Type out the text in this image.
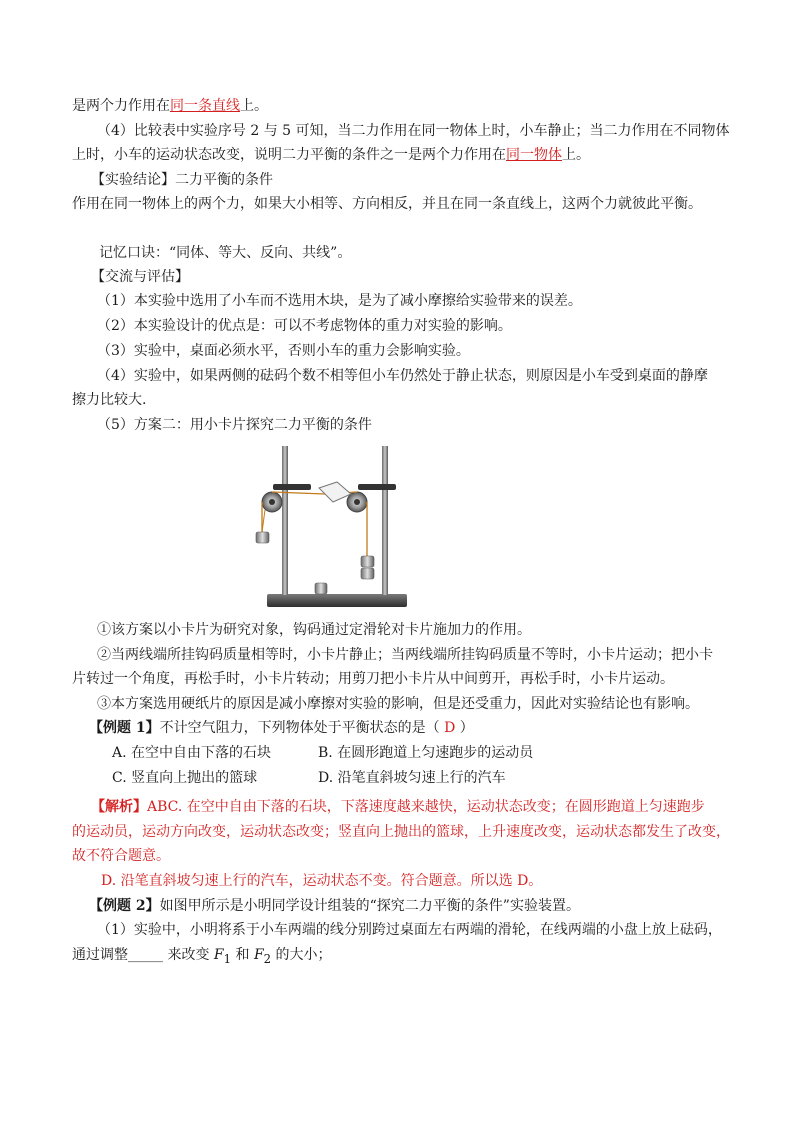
是两个力作用在同一条直线上。
（4）比较表中实验序号 2 与 5 可知，当二力作用在同一物体上时，小车静止；当二力作用在不同物体
上时，小车的运动状态改变，说明二力平衡的条件之一是两个力作用在同一物体上。
【实验结论】二力平衡的条件
作用在同一物体上的两个力，如果大小相等、方向相反，并且在同一条直线上，这两个力就彼此平衡。
记忆口诀：“同体、等大、反向、共线”。
【交流与评估】
（1）本实验中选用了小车而不选用木块，是为了减小摩擦给实验带来的误差。
（2）本实验设计的优点是：可以不考虑物体的重力对实验的影响。
（3）实验中，桌面必须水平，否则小车的重力会影响实验。
（4）实验中，如果两侧的砝码个数不相等但小车仍然处于静止状态，则原因是小车受到桌面的静摩
擦力比较大.
（5）方案二：用小卡片探究二力平衡的条件
①该方案以小卡片为研究对象，钩码通过定滑轮对卡片施加力的作用。
②当两线端所挂钩码质量相等时，小卡片静止；当两线端所挂钩码质量不等时，小卡片运动；把小卡
片转过一个角度，再松手时，小卡片转动；用剪刀把小卡片从中间剪开，再松手时，小卡片运动。
③本方案选用硬纸片的原因是减小摩擦对实验的影响，但是还受重力，因此对实验结论也有影响。
【例题 1】不计空气阻力，下列物体处于平衡状态的是（ D ）
A. 在空中自由下落的石块	B. 在圆形跑道上匀速跑步的运动员
C. 竖直向上抛出的篮球	D. 沿笔直斜坡匀速上行的汽车
【解析】ABC. 在空中自由下落的石块，下落速度越来越快，运动状态改变；在圆形跑道上匀速跑步
的运动员，运动方向改变，运动状态改变；竖直向上抛出的篮球，上升速度改变，运动状态都发生了改变，
故不符合题意。
D. 沿笔直斜坡匀速上行的汽车，运动状态不变。符合题意。所以选 D。
【例题 2】如图甲所示是小明同学设计组装的“探究二力平衡的条件”实验装置。
（1）实验中，小明将系于小车两端的线分别跨过桌面左右两端的滑轮，在线两端的小盘上放上砝码，
通过调整_____ 来改变 $F_1$ 和 $F_2$ 的大小；
